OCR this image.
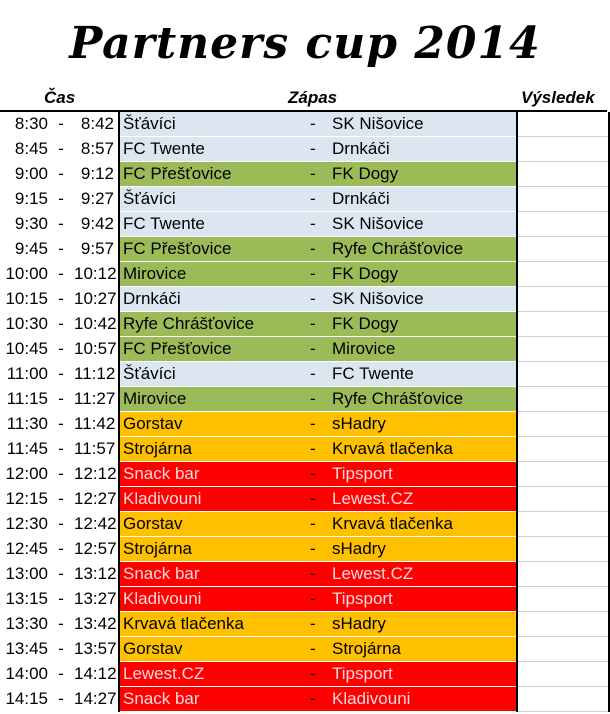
Partners cup 2014
Čas	Zápas	Výsledek
8:30 - 8:42	Šťávíci - SK Nišovice	

8:45 - 8:57	FC Twente - Drnkáči	

9:00 - 9:12	FC Přešťovice - FK Dogy	

9:15 - 9:27	Šťávíci - Drnkáči	

9:30 - 9:42	FC Twente - SK Nišovice	

9:45 - 9:57	FC Přešťovice - Ryfe Chrášťovice	

10:00 - 10:12	Mirovice - FK Dogy	

10:15 - 10:27	Drnkáči - SK Nišovice	

10:30 - 10:42	Ryfe Chrášťovice - FK Dogy	

10:45 - 10:57	FC Přešťovice - Mirovice	

11:00 - 11:12	Šťávíci - FC Twente	

11:15 - 11:27	Mirovice - Ryfe Chrášťovice	

11:30 - 11:42	Gorstav - sHadry	

11:45 - 11:57	Strojárna - Krvavá tlačenka	

12:00 - 12:12	Snack bar - Tipsport	

12:15 - 12:27	Kladivouni - Lewest.CZ	

12:30 - 12:42	Gorstav - Krvavá tlačenka	

12:45 - 12:57	Strojárna - sHadry	

13:00 - 13:12	Snack bar - Lewest.CZ	

13:15 - 13:27	Kladivouni - Tipsport	

13:30 - 13:42	Krvavá tlačenka - sHadry	

13:45 - 13:57	Gorstav - Strojárna	

14:00 - 14:12	Lewest.CZ - Tipsport	

14:15 - 14:27	Snack bar - Kladivouni	
